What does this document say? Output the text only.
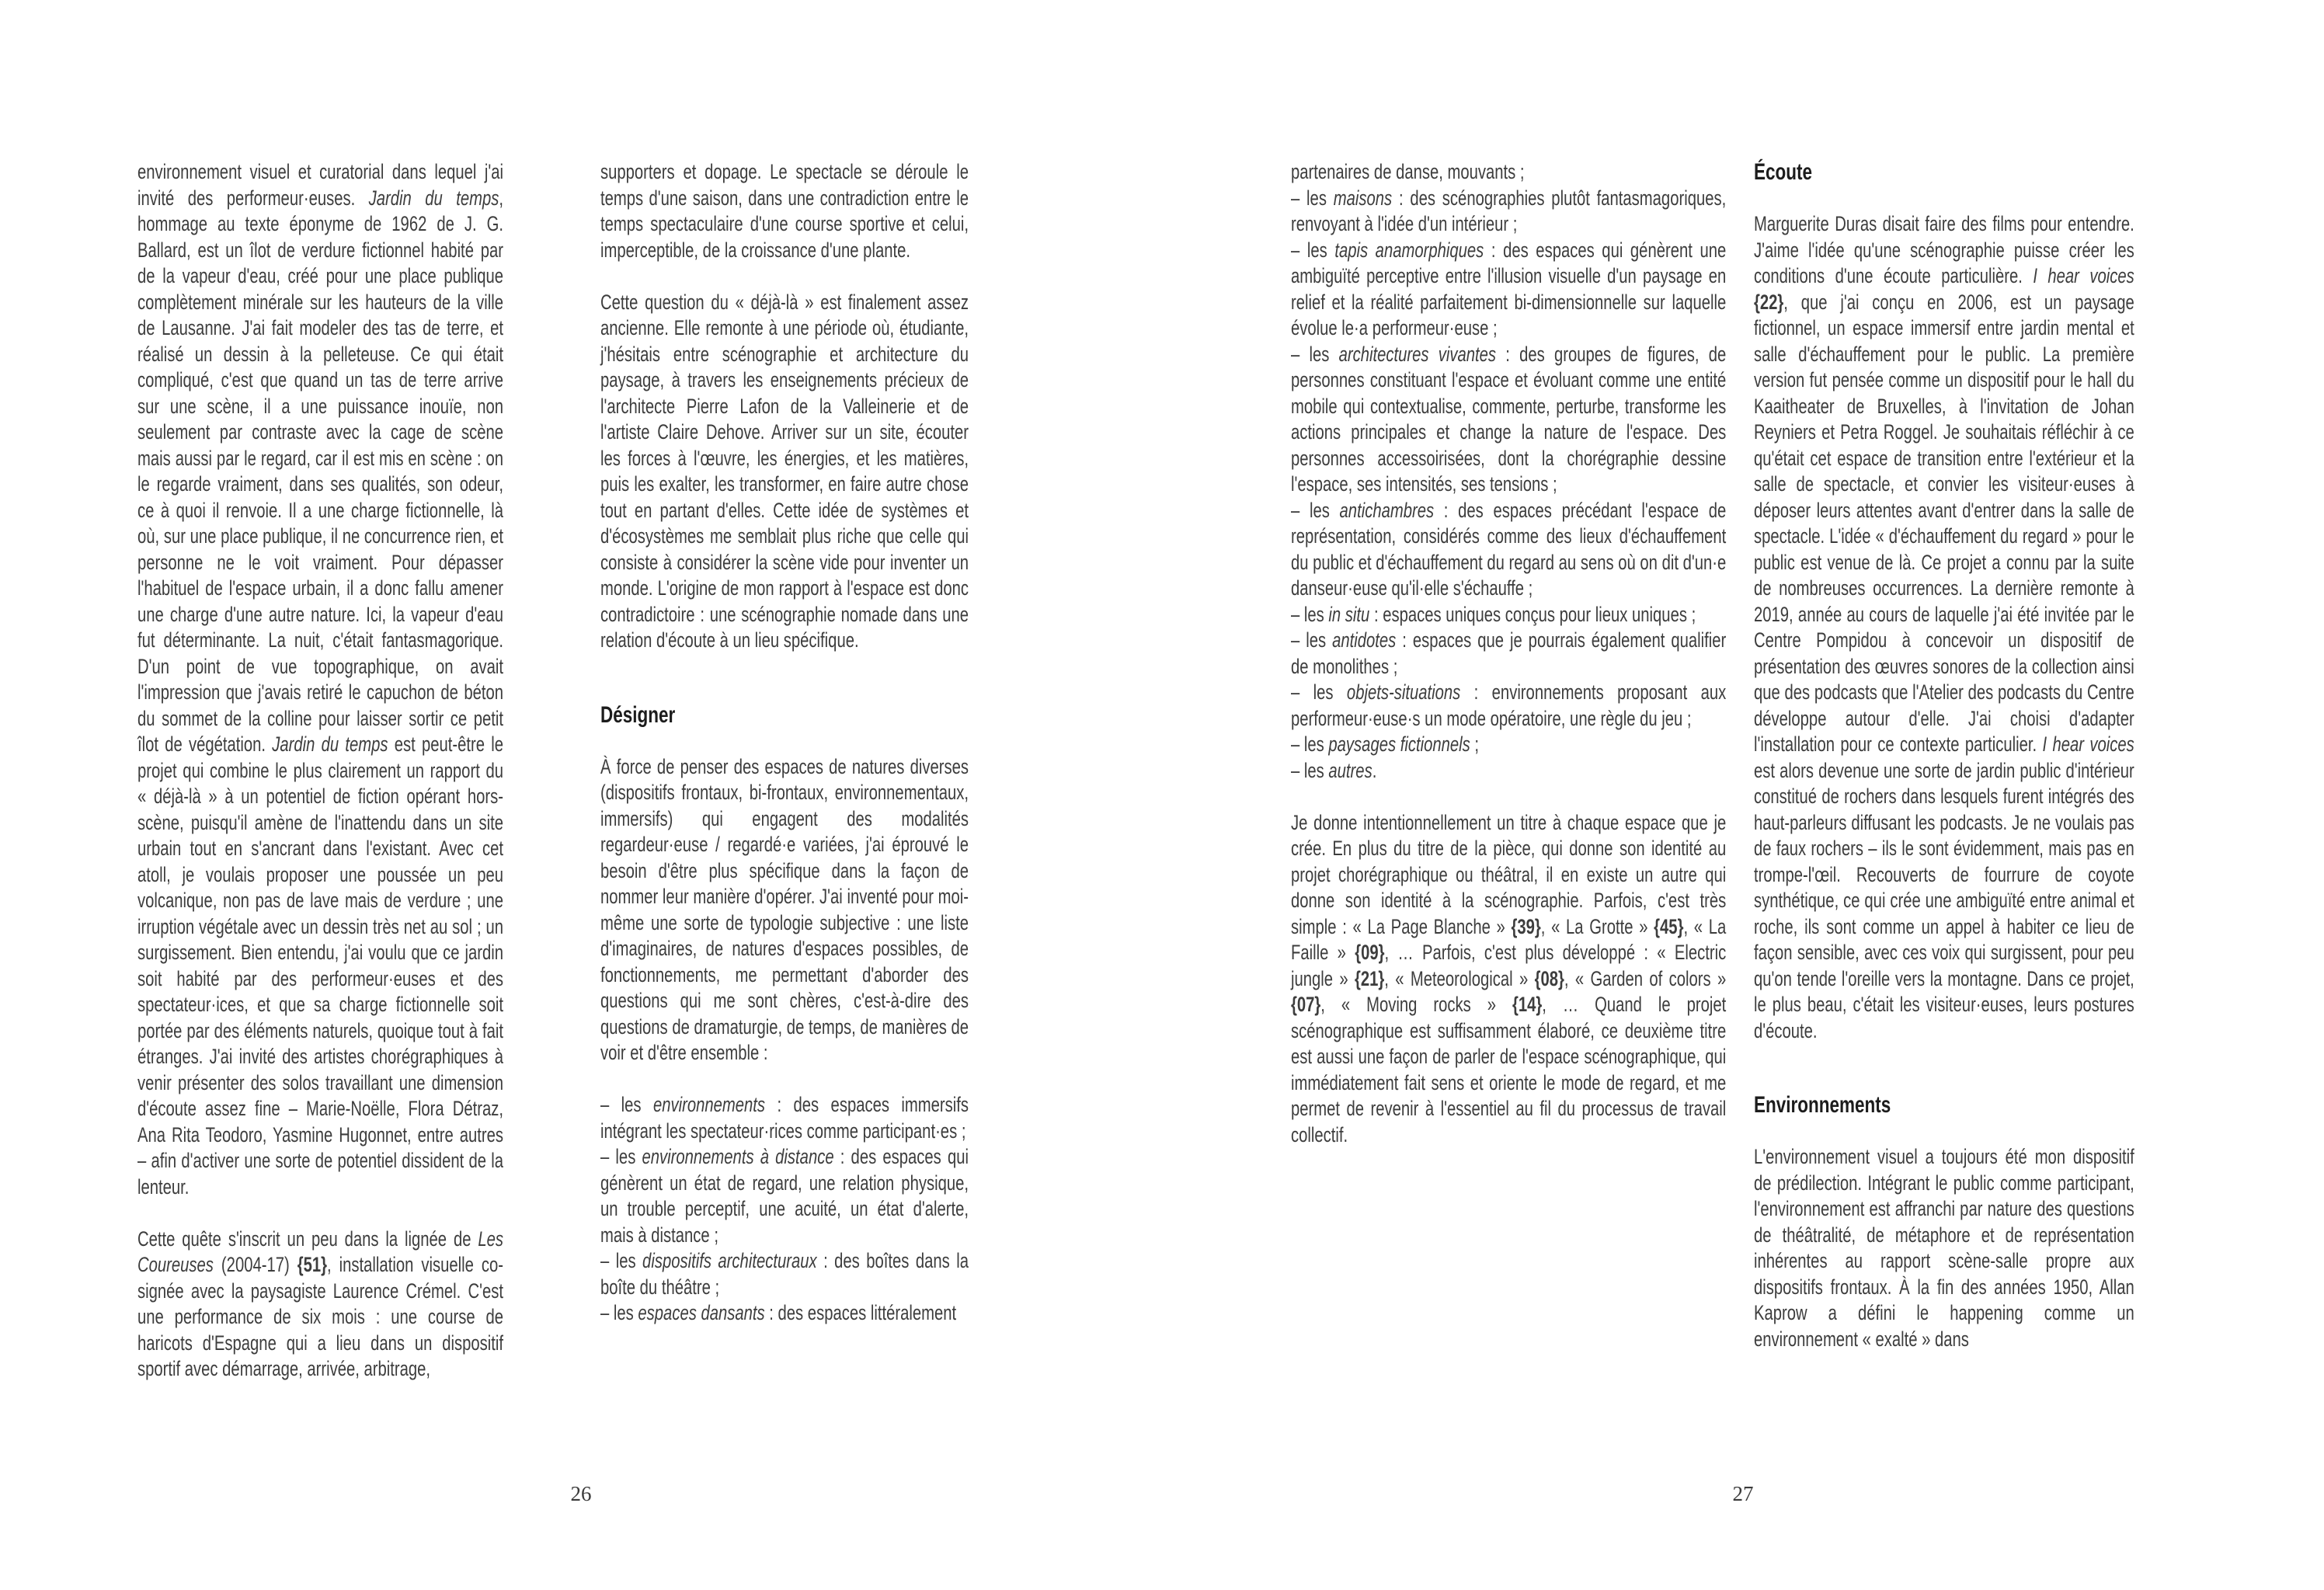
environnement visuel et curatorial dans lequel j'ai invité des performeur·euses. Jardin du temps, hommage au texte éponyme de 1962 de J. G. Ballard, est un îlot de verdure fictionnel habité par de la vapeur d'eau, créé pour une place publique complètement minérale sur les hauteurs de la ville de Lausanne. J'ai fait modeler des tas de terre, et réalisé un dessin à la pelleteuse. Ce qui était compliqué, c'est que quand un tas de terre arrive sur une scène, il a une puissance inouïe, non seulement par contraste avec la cage de scène mais aussi par le regard, car il est mis en scène : on le regarde vraiment, dans ses qualités, son odeur, ce à quoi il renvoie. Il a une charge fictionnelle, là où, sur une place publique, il ne concurrence rien, et personne ne le voit vraiment. Pour dépasser l'habituel de l'espace urbain, il a donc fallu amener une charge d'une autre nature. Ici, la vapeur d'eau fut déterminante. La nuit, c'était fantasmagorique. D'un point de vue topographique, on avait l'impression que j'avais retiré le capuchon de béton du sommet de la colline pour laisser sortir ce petit îlot de végétation. Jardin du temps est peut-être le projet qui combine le plus clairement un rapport du « déjà-là » à un potentiel de fiction opérant hors-scène, puisqu'il amène de l'inattendu dans un site urbain tout en s'ancrant dans l'existant. Avec cet atoll, je voulais proposer une poussée un peu volcanique, non pas de lave mais de verdure ; une irruption végétale avec un dessin très net au sol ; un surgissement. Bien entendu, j'ai voulu que ce jardin soit habité par des performeur·euses et des spectateur·ices, et que sa charge fictionnelle soit portée par des éléments naturels, quoique tout à fait étranges. J'ai invité des artistes chorégraphiques à venir présenter des solos travaillant une dimension d'écoute assez fine – Marie-Noëlle, Flora Détraz, Ana Rita Teodoro, Yasmine Hugonnet, entre autres – afin d'activer une sorte de potentiel dissident de la lenteur.

Cette quête s'inscrit un peu dans la lignée de Les Coureuses (2004-17) {51}, installation visuelle co-signée avec la paysagiste Laurence Crémel. C'est une performance de six mois : une course de haricots d'Espagne qui a lieu dans un dispositif sportif avec démarrage, arrivée, arbitrage,

supporters et dopage. Le spectacle se déroule le temps d'une saison, dans une contradiction entre le temps spectaculaire d'une course sportive et celui, imperceptible, de la croissance d'une plante.

Cette question du « déjà-là » est finalement assez ancienne. Elle remonte à une période où, étudiante, j'hésitais entre scénographie et architecture du paysage, à travers les enseignements précieux de l'architecte Pierre Lafon de la Valleinerie et de l'artiste Claire Dehove. Arriver sur un site, écouter les forces à l'œuvre, les énergies, et les matières, puis les exalter, les transformer, en faire autre chose tout en partant d'elles. Cette idée de systèmes et d'écosystèmes me semblait plus riche que celle qui consiste à considérer la scène vide pour inventer un monde. L'origine de mon rapport à l'espace est donc contradictoire : une scénographie nomade dans une relation d'écoute à un lieu spécifique.

Désigner

À force de penser des espaces de natures diverses (dispositifs frontaux, bi-frontaux, environnementaux, immersifs) qui engagent des modalités regardeur·euse / regardé·e variées, j'ai éprouvé le besoin d'être plus spécifique dans la façon de nommer leur manière d'opérer. J'ai inventé pour moi-même une sorte de typologie subjective : une liste d'imaginaires, de natures d'espaces possibles, de fonctionnements, me permettant d'aborder des questions qui me sont chères, c'est-à-dire des questions de dramaturgie, de temps, de manières de voir et d'être ensemble :

– les environnements : des espaces immersifs intégrant les spectateur·rices comme participant·es ;

– les environnements à distance : des espaces qui génèrent un état de regard, une relation physique, un trouble perceptif, une acuité, un état d'alerte, mais à distance ;

– les dispositifs architecturaux : des boîtes dans la boîte du théâtre ;

– les espaces dansants : des espaces littéralement

26

partenaires de danse, mouvants ;

– les maisons : des scénographies plutôt fantasmagoriques, renvoyant à l'idée d'un intérieur ;

– les tapis anamorphiques : des espaces qui génèrent une ambiguïté perceptive entre l'illusion visuelle d'un paysage en relief et la réalité parfaitement bi-dimensionnelle sur laquelle évolue le·a performeur·euse ;

– les architectures vivantes : des groupes de figures, de personnes constituant l'espace et évoluant comme une entité mobile qui contextualise, commente, perturbe, transforme les actions principales et change la nature de l'espace. Des personnes accessoirisées, dont la chorégraphie dessine l'espace, ses intensités, ses tensions ;

– les antichambres : des espaces précédant l'espace de représentation, considérés comme des lieux d'échauffement du public et d'échauffement du regard au sens où on dit d'un·e danseur·euse qu'il·elle s'échauffe ;

– les in situ : espaces uniques conçus pour lieux uniques ;

– les antidotes : espaces que je pourrais également qualifier de monolithes ;

– les objets-situations : environnements proposant aux performeur·euse·s un mode opératoire, une règle du jeu ;

– les paysages fictionnels ;

– les autres.

Je donne intentionnellement un titre à chaque espace que je crée. En plus du titre de la pièce, qui donne son identité au projet chorégraphique ou théâtral, il en existe un autre qui donne son identité à la scénographie. Parfois, c'est très simple : « La Page Blanche » {39}, « La Grotte » {45}, « La Faille » {09}, … Parfois, c'est plus développé : « Electric jungle » {21}, « Meteorological » {08}, « Garden of colors » {07}, « Moving rocks » {14}, … Quand le projet scénographique est suffisamment élaboré, ce deuxième titre est aussi une façon de parler de l'espace scénographique, qui immédiatement fait sens et oriente le mode de regard, et me permet de revenir à l'essentiel au fil du processus de travail collectif.

Écoute

Marguerite Duras disait faire des films pour entendre. J'aime l'idée qu'une scénographie puisse créer les conditions d'une écoute particulière. I hear voices {22}, que j'ai conçu en 2006, est un paysage fictionnel, un espace immersif entre jardin mental et salle d'échauffement pour le public. La première version fut pensée comme un dispositif pour le hall du Kaaitheater de Bruxelles, à l'invitation de Johan Reyniers et Petra Roggel. Je souhaitais réfléchir à ce qu'était cet espace de transition entre l'extérieur et la salle de spectacle, et convier les visiteur·euses à déposer leurs attentes avant d'entrer dans la salle de spectacle. L'idée « d'échauffement du regard » pour le public est venue de là. Ce projet a connu par la suite de nombreuses occurrences. La dernière remonte à 2019, année au cours de laquelle j'ai été invitée par le Centre Pompidou à concevoir un dispositif de présentation des œuvres sonores de la collection ainsi que des podcasts que l'Atelier des podcasts du Centre développe autour d'elle. J'ai choisi d'adapter l'installation pour ce contexte particulier. I hear voices est alors devenue une sorte de jardin public d'intérieur constitué de rochers dans lesquels furent intégrés des haut-parleurs diffusant les podcasts. Je ne voulais pas de faux rochers – ils le sont évidemment, mais pas en trompe-l'œil. Recouverts de fourrure de coyote synthétique, ce qui crée une ambiguïté entre animal et roche, ils sont comme un appel à habiter ce lieu de façon sensible, avec ces voix qui surgissent, pour peu qu'on tende l'oreille vers la montagne. Dans ce projet, le plus beau, c'était les visiteur·euses, leurs postures d'écoute.

Environnements

L'environnement visuel a toujours été mon dispositif de prédilection. Intégrant le public comme participant, l'environnement est affranchi par nature des questions de théâtralité, de métaphore et de représentation inhérentes au rapport scène-salle propre aux dispositifs frontaux. À la fin des années 1950, Allan Kaprow a défini le happening comme un environnement « exalté » dans

27
